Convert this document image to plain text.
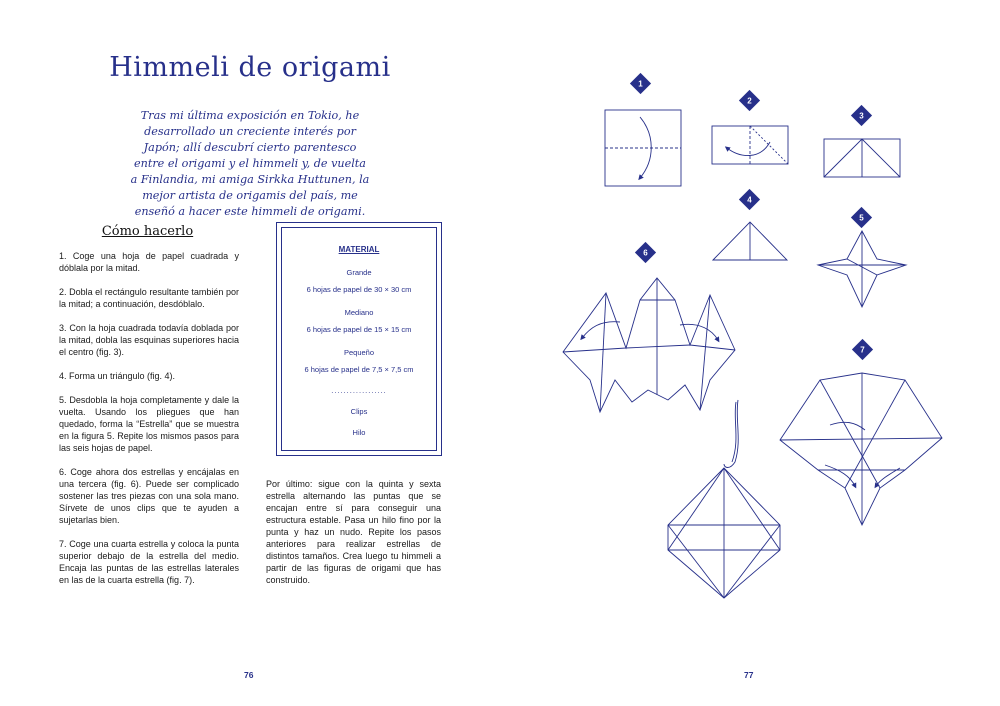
Himmeli de origami
Tras mi última exposición en Tokio, he desarrollado un creciente interés por Japón; allí descubrí cierto parentesco entre el origami y el himmeli y, de vuelta a Finlandia, mi amiga Sirkka Huttunen, la mejor artista de origamis del país, me enseñó a hacer este himmeli de origami.
Cómo hacerlo

1. Coge una hoja de papel cuadrada y dóblala por la mitad.

2. Dobla el rectángulo resultante también por la mitad; a continuación, desdóblalo.

3. Con la hoja cuadrada todavía doblada por la mitad, dobla las esquinas superiores hacia el centro (fig. 3).

4. Forma un triángulo (fig. 4).

5. Desdobla la hoja completamente y dale la vuelta. Usando los pliegues que han quedado, forma la “Estrella” que se muestra en la figura 5. Repite los mismos pasos para las seis hojas de papel.

6. Coge ahora dos estrellas y encájalas en una tercera (fig. 6). Puede ser complicado sostener las tres piezas con una sola mano. Sírvete de unos clips que te ayuden a sujetarlas bien.

7. Coge una cuarta estrella y coloca la punta superior debajo de la estrella del medio. Encaja las puntas de las estrellas laterales en las de la cuarta estrella (fig. 7).

MATERIAL
Grande
6 hojas de papel de 30 × 30 cm
Mediano
6 hojas de papel de 15 × 15 cm
Pequeño
6 hojas de papel de 7,5 × 7,5 cm
..................
Clips
Hilo
Por último: sigue con la quinta y sexta estrella alternando las puntas que se encajan entre sí para conseguir una estructura estable. Pasa un hilo fino por la punta y haz un nudo. Repite los pasos anteriores para realizar estrellas de distintos tamaños. Crea luego tu himmeli a partir de las figuras de origami que has construido.
76	77
1
2
3
4
5
6
7
